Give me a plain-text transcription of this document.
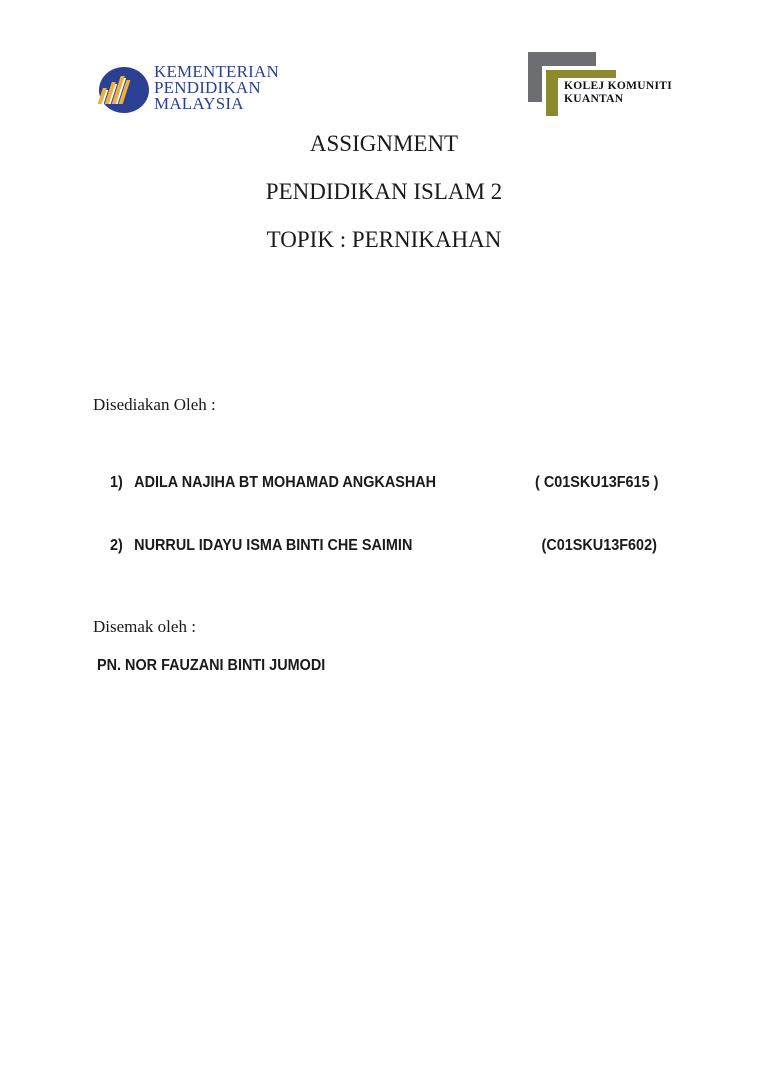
KEMENTERIAN
PENDIDIKAN
MALAYSIA
KOLEJ KOMUNITI
KUANTAN
ASSIGNMENT
PENDIDIKAN ISLAM 2
TOPIK : PERNIKAHAN
Disediakan Oleh :
1) ADILA NAJIHA BT MOHAMAD ANGKASHAH	( C01SKU13F615 )
2) NURRUL IDAYU ISMA BINTI CHE SAIMIN	(C01SKU13F602)
Disemak oleh :
PN. NOR FAUZANI BINTI JUMODI
